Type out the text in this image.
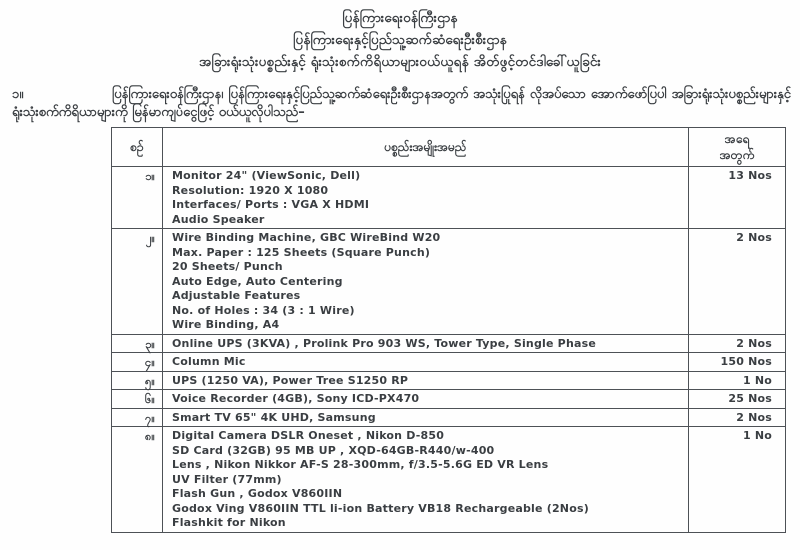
ပြန်ကြားရေးဝန်ကြီးဌာန
ပြန်ကြားရေးနှင့်ပြည်သူ့ဆက်ဆံရေးဦးစီးဌာန
အခြားရုံးသုံးပစ္စည်းနှင့် ရုံးသုံးစက်ကိရိယာများဝယ်ယူရန် အိတ်ဖွင့်တင်ဒါခေါ်ယူခြင်း
၁။	ပြန်ကြားရေးဝန်ကြီးဌာန၊ ပြန်ကြားရေးနှင့်ပြည်သူ့ဆက်ဆံရေးဦးစီးဌာနအတွက် အသုံးပြုရန် လိုအပ်သော အောက်ဖော်ပြပါ အခြားရုံးသုံးပစ္စည်းများနှင့် ရုံးသုံးစက်ကိရိယာများကို မြန်မာကျပ်ငွေဖြင့် ဝယ်ယူလိုပါသည်–
စဉ်	ပစ္စည်းအမျိုးအမည်	အရေ
အတွက်

၁။	Monitor 24" (ViewSonic, Dell)
Resolution: 1920 X 1080
Interfaces/ Ports : VGA X HDMI
Audio Speaker	13 Nos
၂။	Wire Binding Machine, GBC WireBind W20
Max. Paper : 125 Sheets (Square Punch)
20 Sheets/ Punch
Auto Edge, Auto Centering
Adjustable Features
No. of Holes : 34 (3 : 1 Wire)
Wire Binding, A4
	2 Nos
၃။	Online UPS (3KVA) , Prolink Pro 903 WS, Tower Type, Single Phase	2 Nos
၄။	Column Mic	150 Nos
၅။	UPS (1250 VA), Power Tree S1250 RP	1 No
၆။	Voice Recorder (4GB), Sony ICD-PX470	25 Nos
၇။	Smart TV 65" 4K UHD, Samsung	2 Nos
၈။	Digital Camera DSLR Oneset , Nikon D-850
SD Card (32GB) 95 MB UP , XQD-64GB-R440/w-400
Lens , Nikon Nikkor AF-S 28-300mm, f/3.5-5.6G ED VR Lens
UV Filter (77mm)
Flash Gun , Godox V860IIN
Godox Ving V860IIN TTL li-ion Battery VB18 Rechargeable (2Nos)
Flashkit for Nikon
	1 No
